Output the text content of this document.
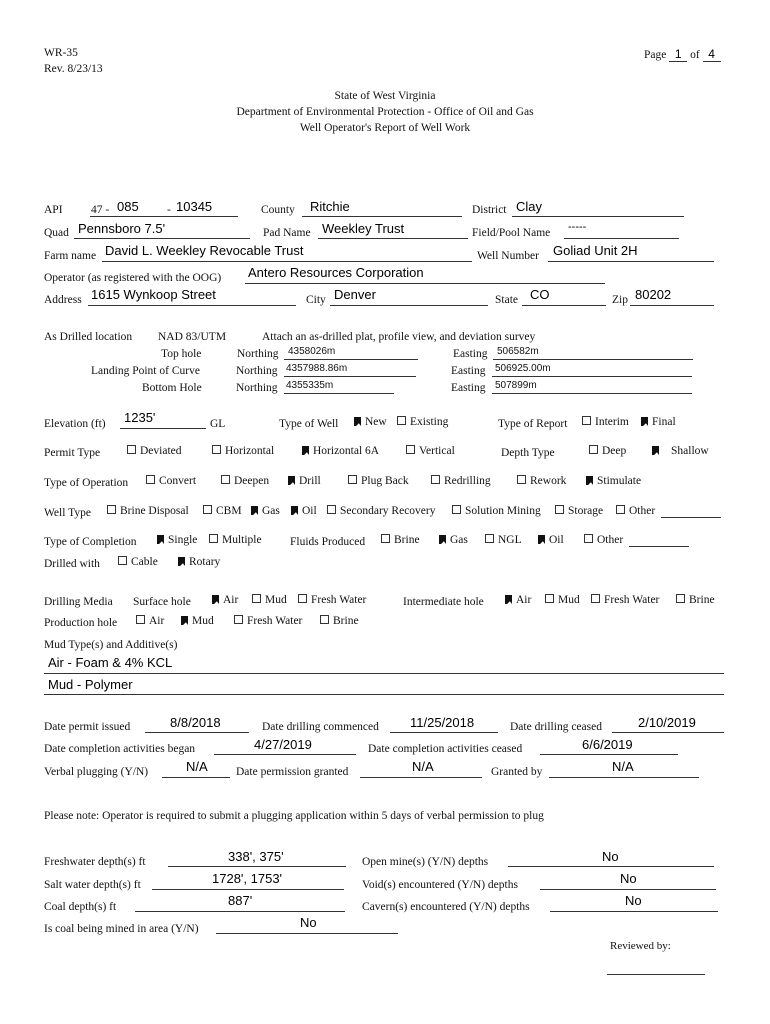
WR-35
Rev. 8/23/13
Page 1 of 4
State of West Virginia
Department of Environmental Protection - Office of Oil and Gas
Well Operator's Report of Well Work
API 47 - 085 - 10345	County Ritchie	District Clay
Quad Pennsboro 7.5'	Pad Name Weekley Trust	Field/Pool Name -----
Farm name David L. Weekley Revocable Trust	Well Number Goliad Unit 2H
Operator (as registered with the OOG) Antero Resources Corporation
Address 1615 Wynkoop Street	City Denver	State CO	Zip 80202
As Drilled location NAD 83/UTM	Attach an as-drilled plat, profile view, and deviation survey
Top hole	Northing 4358026m	Easting 506582m
Landing Point of Curve	Northing 4357988.86m	Easting 506925.00m
Bottom Hole	Northing 4355335m	Easting 507899m
Elevation (ft) 1235'	GL	Type of Well	New	Existing	Type of Report	Interim	Final
Permit Type	Deviated	Horizontal	Horizontal 6A	Vertical	Depth Type	Deep	Shallow
Type of Operation	Convert	Deepen	Drill	Plug Back	Redrilling	Rework	Stimulate
Well Type	Brine Disposal	CBM	Gas	Oil	Secondary Recovery	Solution Mining	Storage	Other
Type of Completion	Single	Multiple Fluids Produced	Brine	Gas	NGL	Oil	Other
Drilled with	Cable	Rotary
Drilling Media Surface hole	Air	Mud	Fresh Water	Intermediate hole	Air	Mud	Fresh Water	Brine
Production hole	Air	Mud	Fresh Water	Brine
Mud Type(s) and Additive(s)
Air - Foam & 4% KCL
Mud - Polymer
Date permit issued	8/8/2018	Date drilling commenced 11/25/2018	Date drilling ceased	2/10/2019
Date completion activities began	4/27/2019	Date completion activities ceased	6/6/2019
Verbal plugging (Y/N)	N/A Date permission granted	N/A	Granted by	N/A
Please note: Operator is required to submit a plugging application within 5 days of verbal permission to plug
Freshwater depth(s) ft	338', 375'	Open mine(s) (Y/N) depths	No
Salt water depth(s) ft	1728', 1753'	Void(s) encountered (Y/N) depths	No
Coal depth(s) ft	887'	Cavern(s) encountered (Y/N) depths	No
Is coal being mined in area (Y/N)	No
Reviewed by:
